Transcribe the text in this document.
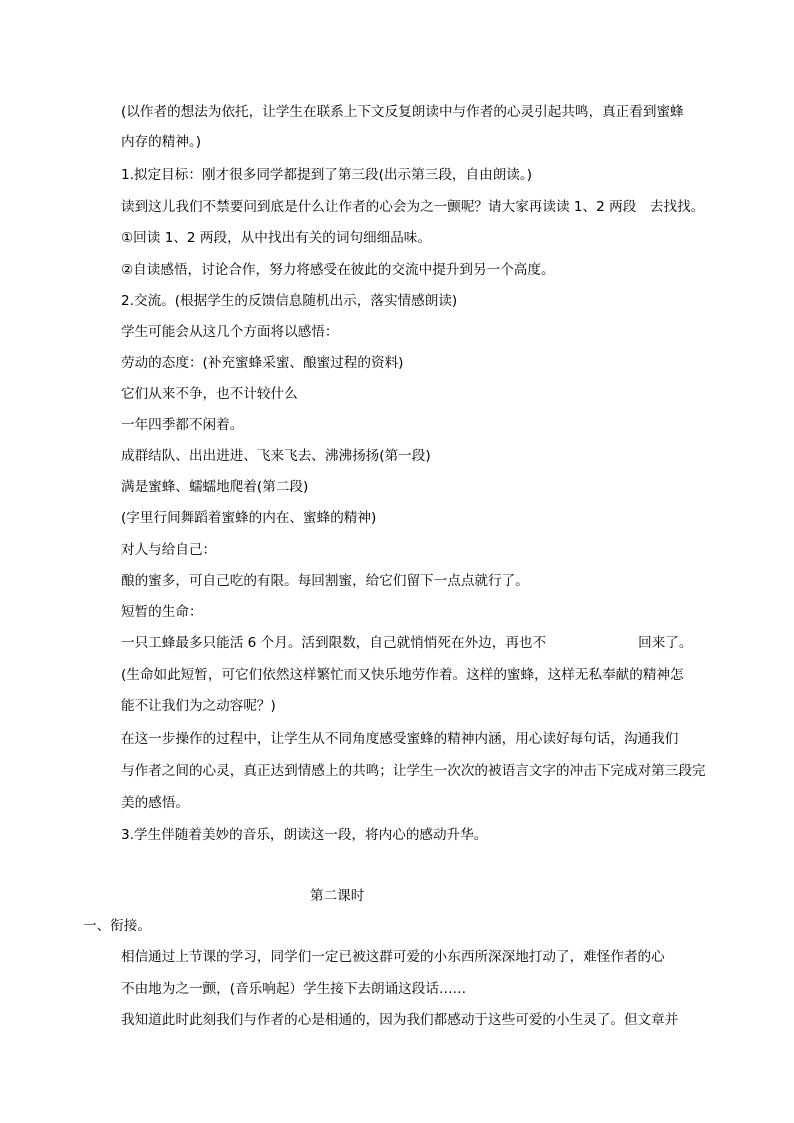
(以作者的想法为依托，让学生在联系上下文反复朗读中与作者的心灵引起共鸣，真正看到蜜蜂
内存的精神。)
1.拟定目标：刚才很多同学都提到了第三段(出示第三段，自由朗读。)
读到这儿我们不禁要问到底是什么让作者的心会为之一颤呢？请大家再读读 1、2 两段　去找找。
①回读 1、2 两段，从中找出有关的词句细细品味。
②自读感悟，讨论合作，努力将感受在彼此的交流中提升到另一个高度。
2.交流。(根据学生的反馈信息随机出示，落实情感朗读)
学生可能会从这几个方面将以感悟：
劳动的态度：(补充蜜蜂采蜜、酿蜜过程的资料)
它们从来不争，也不计较什么
一年四季都不闲着。
成群结队、出出进进、飞来飞去、沸沸扬扬(第一段)
满是蜜蜂、蠕蠕地爬着(第二段)
(字里行间舞蹈着蜜蜂的内在、蜜蜂的精神)
对人与给自己：
酿的蜜多，可自己吃的有限。每回割蜜，给它们留下一点点就行了。
短暂的生命：
一只工蜂最多只能活 6 个月。活到限数，自己就悄悄死在外边，再也不	回来了。
(生命如此短暂，可它们依然这样繁忙而又快乐地劳作着。这样的蜜蜂，这样无私奉献的精神怎
能不让我们为之动容呢？)
在这一步操作的过程中，让学生从不同角度感受蜜蜂的精神内涵，用心读好每句话，沟通我们
与作者之间的心灵，真正达到情感上的共鸣；让学生一次次的被语言文字的冲击下完成对第三段完
美的感悟。
3.学生伴随着美妙的音乐，朗读这一段，将内心的感动升华。
第二课时
一、衔接。
相信通过上节课的学习，同学们一定已被这群可爱的小东西所深深地打动了，难怪作者的心
不由地为之一颤，(音乐响起）学生接下去朗诵这段话……
我知道此时此刻我们与作者的心是相通的，因为我们都感动于这些可爱的小生灵了。但文章并
